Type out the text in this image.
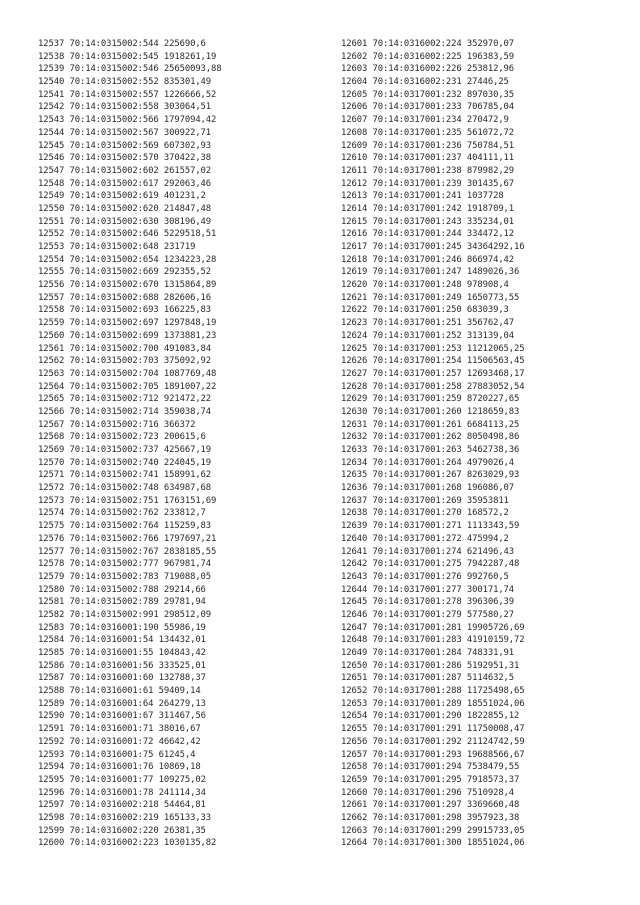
12537 70:14:0315002:544 225690,6
12538 70:14:0315002:545 1918261,19
12539 70:14:0315002:546 25650093,88
12540 70:14:0315002:552 835301,49
12541 70:14:0315002:557 1226666,52
12542 70:14:0315002:558 303064,51
12543 70:14:0315002:566 1797094,42
12544 70:14:0315002:567 300922,71
12545 70:14:0315002:569 607302,93
12546 70:14:0315002:570 370422,38
12547 70:14:0315002:602 261557,02
12548 70:14:0315002:617 292063,46
12549 70:14:0315002:619 401231,2
12550 70:14:0315002:620 214847,48
12551 70:14:0315002:630 308196,49
12552 70:14:0315002:646 5229518,51
12553 70:14:0315002:648 231719
12554 70:14:0315002:654 1234223,28
12555 70:14:0315002:669 292355,52
12556 70:14:0315002:670 1315864,89
12557 70:14:0315002:688 282606,16
12558 70:14:0315002:693 166225,83
12559 70:14:0315002:697 1297848,19
12560 70:14:0315002:699 1373881,23
12561 70:14:0315002:700 491083,84
12562 70:14:0315002:703 375092,92
12563 70:14:0315002:704 1087769,48
12564 70:14:0315002:705 1891007,22
12565 70:14:0315002:712 921472,22
12566 70:14:0315002:714 359038,74
12567 70:14:0315002:716 366372
12568 70:14:0315002:723 200615,6
12569 70:14:0315002:737 425667,19
12570 70:14:0315002:740 224045,19
12571 70:14:0315002:741 158991,62
12572 70:14:0315002:748 634987,68
12573 70:14:0315002:751 1763151,69
12574 70:14:0315002:762 233812,7
12575 70:14:0315002:764 115259,83
12576 70:14:0315002:766 1797697,21
12577 70:14:0315002:767 2838185,55
12578 70:14:0315002:777 967981,74
12579 70:14:0315002:783 719088,05
12580 70:14:0315002:788 29214,66
12581 70:14:0315002:789 29781,94
12582 70:14:0315002:991 298512,09
12583 70:14:0316001:190 55986,19
12584 70:14:0316001:54 134432,01
12585 70:14:0316001:55 104843,42
12586 70:14:0316001:56 333525,01
12587 70:14:0316001:60 132788,37
12588 70:14:0316001:61 59409,14
12589 70:14:0316001:64 264279,13
12590 70:14:0316001:67 311467,56
12591 70:14:0316001:71 38016,67
12592 70:14:0316001:72 46642,42
12593 70:14:0316001:75 61245,4
12594 70:14:0316001:76 10869,18
12595 70:14:0316001:77 109275,02
12596 70:14:0316001:78 241114,34
12597 70:14:0316002:218 54464,81
12598 70:14:0316002:219 165133,33
12599 70:14:0316002:220 26381,35
12600 70:14:0316002:223 1030135,82
12601 70:14:0316002:224 352970,07
12602 70:14:0316002:225 196383,59
12603 70:14:0316002:226 253812,96
12604 70:14:0316002:231 27446,25
12605 70:14:0317001:232 897030,35
12606 70:14:0317001:233 706785,04
12607 70:14:0317001:234 270472,9
12608 70:14:0317001:235 561072,72
12609 70:14:0317001:236 750784,51
12610 70:14:0317001:237 404111,11
12611 70:14:0317001:238 879982,29
12612 70:14:0317001:239 301435,67
12613 70:14:0317001:241 1037728
12614 70:14:0317001:242 1918709,1
12615 70:14:0317001:243 335234,01
12616 70:14:0317001:244 334472,12
12617 70:14:0317001:245 34364292,16
12618 70:14:0317001:246 866974,42
12619 70:14:0317001:247 1489026,36
12620 70:14:0317001:248 978908,4
12621 70:14:0317001:249 1650773,55
12622 70:14:0317001:250 683039,3
12623 70:14:0317001:251 356762,47
12624 70:14:0317001:252 313139,04
12625 70:14:0317001:253 11212065,25
12626 70:14:0317001:254 11506563,45
12627 70:14:0317001:257 12693468,17
12628 70:14:0317001:258 27883052,54
12629 70:14:0317001:259 8720227,65
12630 70:14:0317001:260 1218659,83
12631 70:14:0317001:261 6684113,25
12632 70:14:0317001:262 8050498,86
12633 70:14:0317001:263 5462738,36
12634 70:14:0317001:264 4979026,4
12635 70:14:0317001:267 8263029,93
12636 70:14:0317001:268 196086,07
12637 70:14:0317001:269 35953811
12638 70:14:0317001:270 168572,2
12639 70:14:0317001:271 1113343,59
12640 70:14:0317001:272 475994,2
12641 70:14:0317001:274 621496,43
12642 70:14:0317001:275 7942287,48
12643 70:14:0317001:276 992760,5
12644 70:14:0317001:277 300171,74
12645 70:14:0317001:278 396306,39
12646 70:14:0317001:279 577580,27
12647 70:14:0317001:281 19905726,69
12648 70:14:0317001:283 41910159,72
12649 70:14:0317001:284 748331,91
12650 70:14:0317001:286 5192951,31
12651 70:14:0317001:287 5114632,5
12652 70:14:0317001:288 11725498,65
12653 70:14:0317001:289 18551024,06
12654 70:14:0317001:290 1822855,12
12655 70:14:0317001:291 11750008,47
12656 70:14:0317001:292 21124742,59
12657 70:14:0317001:293 19688566,67
12658 70:14:0317001:294 7538479,55
12659 70:14:0317001:295 7918573,37
12660 70:14:0317001:296 7510928,4
12661 70:14:0317001:297 3369660,48
12662 70:14:0317001:298 3957923,38
12663 70:14:0317001:299 29915733,05
12664 70:14:0317001:300 18551024,06
